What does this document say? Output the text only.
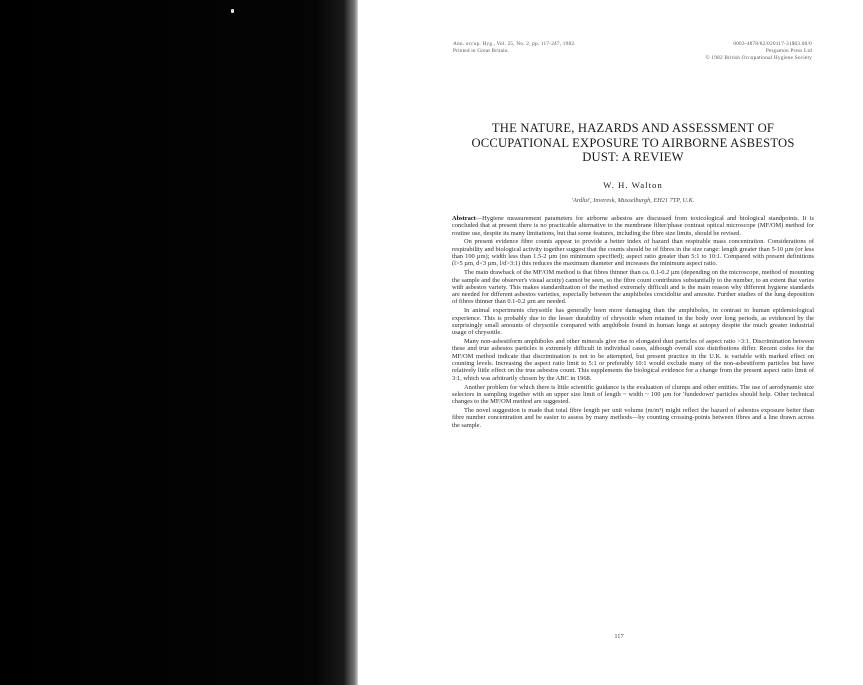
Ann. occup. Hyg., Vol. 25, No. 2, pp. 117-247, 1982.
Printed in Great Britain.
0003-4878/82/020117-31$03.00/0
Pergamon Press Ltd
© 1982 British Occupational Hygiene Society
THE NATURE, HAZARDS AND ASSESSMENT OF
OCCUPATIONAL EXPOSURE TO AIRBORNE ASBESTOS
DUST: A REVIEW
W. H. Walton
'Ardlui', Inveresk, Musselburgh, EH21 7TP, U.K.

Abstract—Hygiene measurement parameters for airborne asbestos are discussed from toxicological and biological standpoints. It is concluded that at present there is no practicable alternative to the membrane filter/phase contrast optical microscope (MF/OM) method for routine use, despite its many limitations, but that some features, including the fibre size limits, should be revised.

On present evidence fibre counts appear to provide a better index of hazard than respirable mass concentration. Considerations of respirability and biological activity together suggest that the counts should be of fibres in the size range: length greater than 5-10 µm (or less than 100 µm); width less than 1.5-2 µm (no minimum specified); aspect ratio greater than 5:1 to 10:1. Compared with present definitions (l>5 µm, d<3 µm, l/d>3:1) this reduces the maximum diameter and increases the minimum aspect ratio.

The main drawback of the MF/OM method is that fibres thinner than ca. 0.1-0.2 µm (depending on the microscope, method of mounting the sample and the observer's visual acuity) cannot be seen, so the fibre count contributes substantially to the number, to an extent that varies with asbestos variety. This makes standardization of the method extremely difficult and is the main reason why different hygiene standards are needed for different asbestos varieties, especially between the amphiboles crocidolite and amosite. Further studies of the lung deposition of fibres thinner than 0.1-0.2 µm are needed.

In animal experiments chrysotile has generally been more damaging than the amphiboles, in contrast to human epidemiological experience. This is probably due to the lesser durability of chrysotile when retained in the body over long periods, as evidenced by the surprisingly small amounts of chrysotile compared with amphibole found in human lungs at autopsy despite the much greater industrial usage of chrysotile.

Many non-asbestiform amphiboles and other minerals give rise to elongated dust particles of aspect ratio >3:1. Discrimination between these and true asbestos particles is extremely difficult in individual cases, although overall size distributions differ. Recent codes for the MF/OM method indicate that discrimination is not to be attempted, but present practice in the U.K. is variable with marked effect on counting levels. Increasing the aspect ratio limit to 5:1 or preferably 10:1 would exclude many of the non-asbestiform particles but have relatively little effect on the true asbestos count. This supplements the biological evidence for a change from the present aspect ratio limit of 3:1, which was arbitrarily chosen by the ABC in 1968.

Another problem for which there is little scientific guidance is the evaluation of clumps and other entities. The use of aerodynamic size selectors in sampling together with an upper size limit of length ~ width ~ 100 µm for 'fundedown' particles should help. Other technical changes to the MF/OM method are suggested.

The novel suggestion is made that total fibre length per unit volume (m/m³) might reflect the hazard of asbestos exposure better than fibre number concentration and be easier to assess by many methods—by counting crossing-points between fibres and a line drawn across the sample.

117
